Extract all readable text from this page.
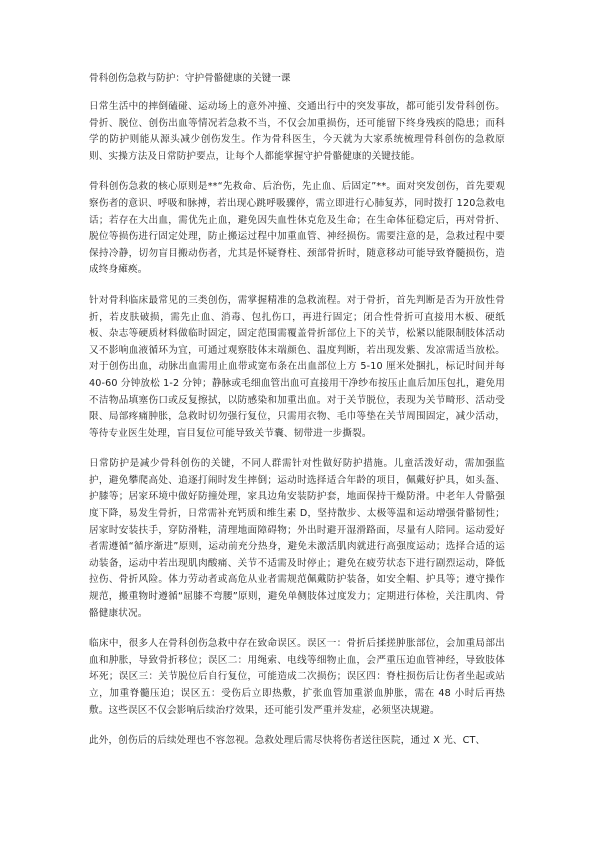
骨科创伤急救与防护：守护骨骼健康的关键一课

日常生活中的摔倒磕碰、运动场上的意外冲撞、交通出行中的突发事故，都可能引发骨科创伤。骨折、脱位、创伤出血等情况若急救不当，不仅会加重损伤，还可能留下终身残疾的隐患；而科学的防护则能从源头减少创伤发生。作为骨科医生，今天就为大家系统梳理骨科创伤的急救原则、实操方法及日常防护要点，让每个人都能掌握守护骨骼健康的关键技能。

骨科创伤急救的核心原则是**“先救命、后治伤，先止血、后固定”**。面对突发创伤，首先要观察伤者的意识、呼吸和脉搏，若出现心跳呼吸骤停，需立即进行心肺复苏，同时拨打 120急救电话；若存在大出血，需优先止血，避免因失血性休克危及生命；在生命体征稳定后，再对骨折、脱位等损伤进行固定处理，防止搬运过程中加重血管、神经损伤。需要注意的是，急救过程中要保持冷静，切勿盲目搬动伤者，尤其是怀疑脊柱、颈部骨折时，随意移动可能导致脊髓损伤，造成终身瘫痪。

针对骨科临床最常见的三类创伤，需掌握精准的急救流程。对于骨折，首先判断是否为开放性骨折，若皮肤破损，需先止血、消毒、包扎伤口，再进行固定；闭合性骨折可直接用木板、硬纸板、杂志等硬质材料做临时固定，固定范围需覆盖骨折部位上下的关节，松紧以能限制肢体活动又不影响血液循环为宜，可通过观察肢体末端颜色、温度判断，若出现发紫、发凉需适当放松。对于创伤出血，动脉出血需用止血带或宽布条在出血部位上方 5-10 厘米处捆扎，标记时间并每 40-60 分钟放松 1-2 分钟；静脉或毛细血管出血可直接用干净纱布按压止血后加压包扎，避免用不洁物品填塞伤口或反复擦拭，以防感染和加重出血。对于关节脱位，表现为关节畸形、活动受限、局部疼痛肿胀，急救时切勿强行复位，只需用衣物、毛巾等垫在关节周围固定，减少活动，等待专业医生处理，盲目复位可能导致关节囊、韧带进一步撕裂。

日常防护是减少骨科创伤的关键，不同人群需针对性做好防护措施。儿童活泼好动，需加强监护，避免攀爬高处、追逐打闹时发生摔倒；运动时选择适合年龄的项目，佩戴好护具，如头盔、护膝等；居家环境中做好防撞处理，家具边角安装防护套，地面保持干燥防滑。中老年人骨骼强度下降，易发生骨折，日常需补充钙质和维生素 D，坚持散步、太极等温和运动增强骨骼韧性；居家时安装扶手，穿防滑鞋，清理地面障碍物；外出时避开湿滑路面，尽量有人陪同。运动爱好者需遵循“循序渐进”原则，运动前充分热身，避免未激活肌肉就进行高强度运动；选择合适的运动装备，运动中若出现肌肉酸痛、关节不适需及时停止；避免在疲劳状态下进行剧烈运动，降低拉伤、骨折风险。体力劳动者或高危从业者需规范佩戴防护装备，如安全帽、护具等；遵守操作规范，搬重物时遵循“屈膝不弯腰”原则，避免单侧肢体过度发力；定期进行体检，关注肌肉、骨骼健康状况。

临床中，很多人在骨科创伤急救中存在致命误区。误区一：骨折后揉搓肿胀部位，会加重局部出血和肿胀，导致骨折移位；误区二：用绳索、电线等细物止血，会严重压迫血管神经，导致肢体坏死；误区三：关节脱位后自行复位，可能造成二次损伤；误区四：脊柱损伤后让伤者坐起或站立，加重脊髓压迫；误区五：受伤后立即热敷，扩张血管加重淤血肿胀，需在 48 小时后再热敷。这些误区不仅会影响后续治疗效果，还可能引发严重并发症，必须坚决规避。

此外，创伤后的后续处理也不容忽视。急救处理后需尽快将伤者送往医院，通过 X 光、CT、
